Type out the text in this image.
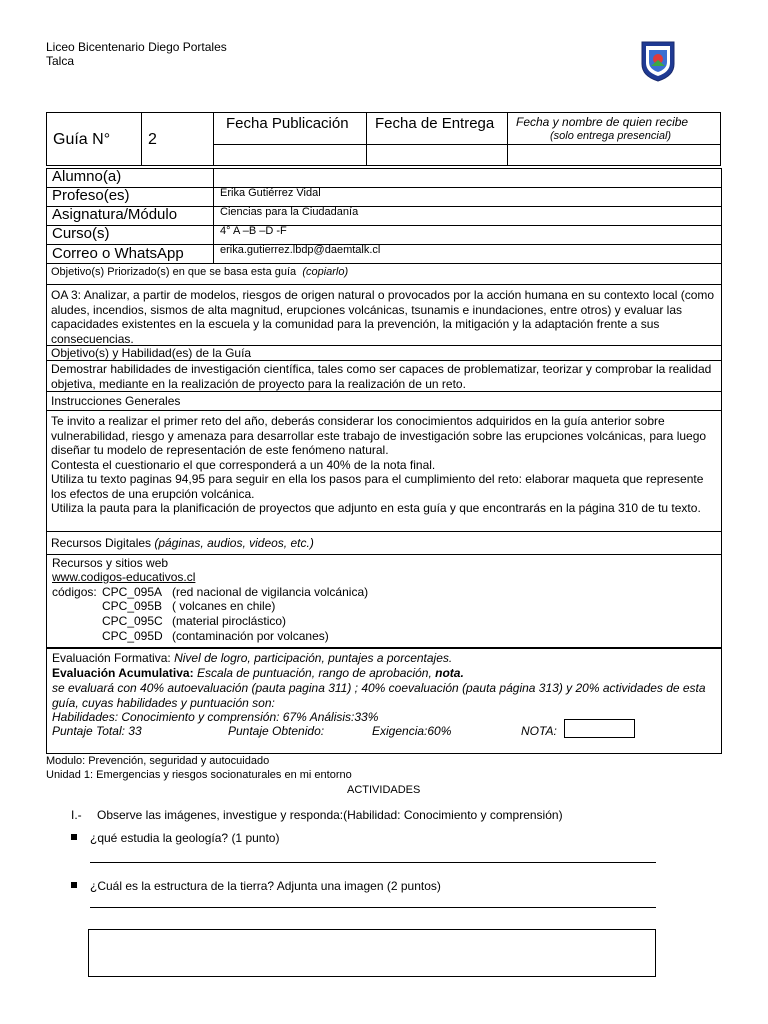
Liceo Bicentenario Diego Portales
Talca
Guía N° 2
Fecha Publicación Fecha de Entrega Fecha y nombre de quien recibe
(solo entrega presencial)
Alumno(a)
Profeso(es)	Erika Gutiérrez Vidal
Asignatura/Módulo	Ciencias para la Ciudadanía
Curso(s)	4° A –B –D -F
Correo o WhatsApp	erika.gutierrez.lbdp@daemtalk.cl
Objetivo(s) Priorizado(s) en que se basa esta guía (copiarlo)
OA 3: Analizar, a partir de modelos, riesgos de origen natural o provocados por la acción humana en su contexto local (como aludes, incendios, sismos de alta magnitud, erupciones volcánicas, tsunamis e inundaciones, entre otros) y evaluar las capacidades existentes en la escuela y la comunidad para la prevención, la mitigación y la adaptación frente a sus consecuencias.
Objetivo(s) y Habilidad(es) de la Guía
Demostrar habilidades de investigación científica, tales como ser capaces de problematizar, teorizar y comprobar la realidad objetiva, mediante en la realización de proyecto para la realización de un reto.
Instrucciones Generales
Te invito a realizar el primer reto del año, deberás considerar los conocimientos adquiridos en la guía anterior sobre vulnerabilidad, riesgo y amenaza para desarrollar este trabajo de investigación sobre las erupciones volcánicas, para luego diseñar tu modelo de representación de este fenómeno natural.
Contesta el cuestionario el que corresponderá a un 40% de la nota final.
Utiliza tu texto paginas 94,95 para seguir en ella los pasos para el cumplimiento del reto: elaborar maqueta que represente los efectos de una erupción volcánica.
Utiliza la pauta para la planificación de proyectos que adjunto en esta guía y que encontrarás en la página 310 de tu texto.
Recursos Digitales (páginas, audios, videos, etc.)
Recursos y sitios web
www.codigos-educativos.cl
códigos: CPC_095A (red nacional de vigilancia volcánica)
CPC_095B ( volcanes en chile)
CPC_095C (material piroclástico)
CPC_095D (contaminación por volcanes)
Evaluación Formativa: Nivel de logro, participación, puntajes a porcentajes.
Evaluación Acumulativa: Escala de puntuación, rango de aprobación, nota.
se evaluará con 40% autoevaluación (pauta pagina 311) ; 40% coevaluación (pauta página 313) y 20% actividades de esta guía, cuyas habilidades y puntuación son:
Habilidades: Conocimiento y comprensión: 67% Análisis:33%
Puntaje Total: 33	Puntaje Obtenido:	Exigencia:60%	NOTA:
Modulo: Prevención, seguridad y autocuidado
Unidad 1: Emergencias y riesgos socionaturales en mi entorno
ACTIVIDADES
I.- Observe las imágenes, investigue y responda:(Habilidad: Conocimiento y comprensión)
¿qué estudia la geología? (1 punto)
¿Cuál es la estructura de la tierra? Adjunta una imagen (2 puntos)
